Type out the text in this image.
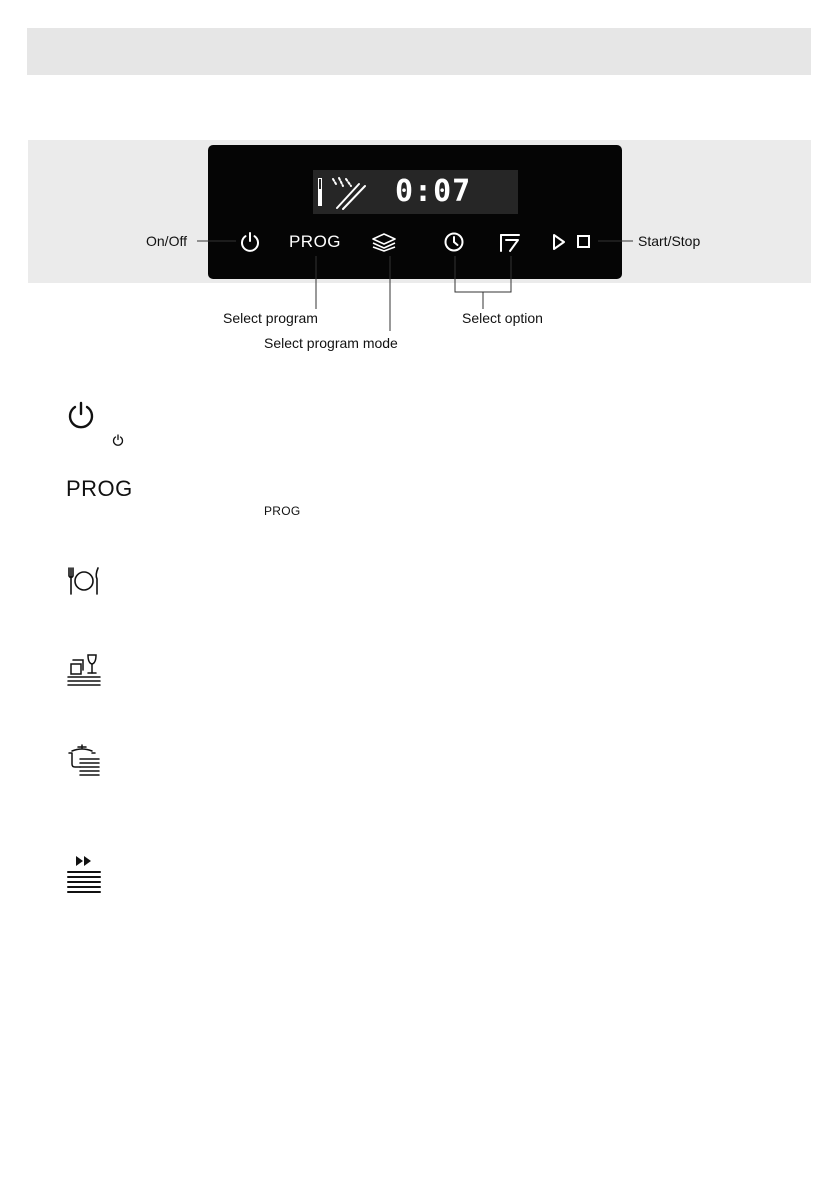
0:07
PROG
On/Off	Start/Stop
Select program
Select program mode
Select option
PROG
PROG
